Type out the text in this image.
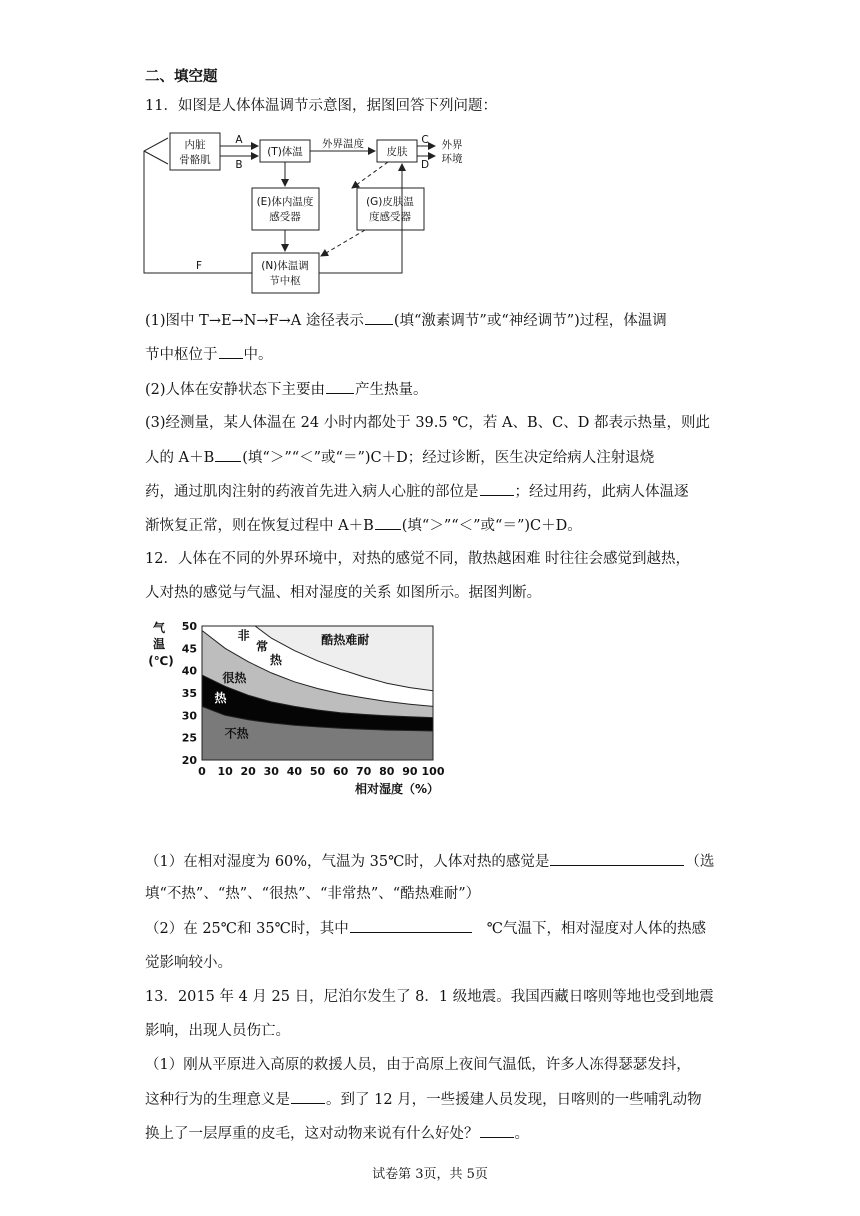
二、填空题
11．如图是人体体温调节示意图，据图回答下列问题：
内脏
骨骼肌
(T)体温	皮肤
(E)体内温度
感受器
(G)皮肤温
度感受器
(N)体温调
节中枢
A
B
外界温度	C
D
外界
环境
F
(1)图中 T→E→N→F→A 途径表示 (填“激素调节”或“神经调节”)过程，体温调
节中枢位于 中。
(2)人体在安静状态下主要由 产生热量。
(3)经测量，某人体温在 24 小时内都处于 39.5 ℃，若 A、B、C、D 都表示热量，则此
人的 A＋B (填“＞”“＜”或“＝”)C＋D；经过诊断，医生决定给病人注射退烧
药，通过肌肉注射的药液首先进入病人心脏的部位是 ；经过用药，此病人体温逐
渐恢复正常，则在恢复过程中 A＋B (填“＞”“＜”或“＝”)C＋D。
12．人体在不同的外界环境中，对热的感觉不同，散热越困难 时往往会感觉到越热，
人对热的感觉与气温、相对湿度的关系 如图所示。据图判断。
不热
热
很热
酷热难耐
非
常
热
0 10 20 30 40 50 60 70 80 90 100
20
25
30
35
40
45
50
气
温
(℃)
相对湿度（%）
（1）在相对湿度为 60%，气温为 35℃时，人体对热的感觉是	（选
填“不热”、“热”、“很热”、“非常热”、“酷热难耐”）
（2）在 25℃和 35℃时，其中	℃气温下，相对湿度对人体的热感
觉影响较小。
13．2015 年 4 月 25 日，尼泊尔发生了 8．1 级地震。我国西藏日喀则等地也受到地震
影响，出现人员伤亡。
（1）刚从平原进入高原的救援人员，由于高原上夜间气温低，许多人冻得瑟瑟发抖，
这种行为的生理意义是 。到了 12 月，一些援建人员发现，日喀则的一些哺乳动物
换上了一层厚重的皮毛，这对动物来说有什么好处？ 。
试卷第 3页，共 5页
